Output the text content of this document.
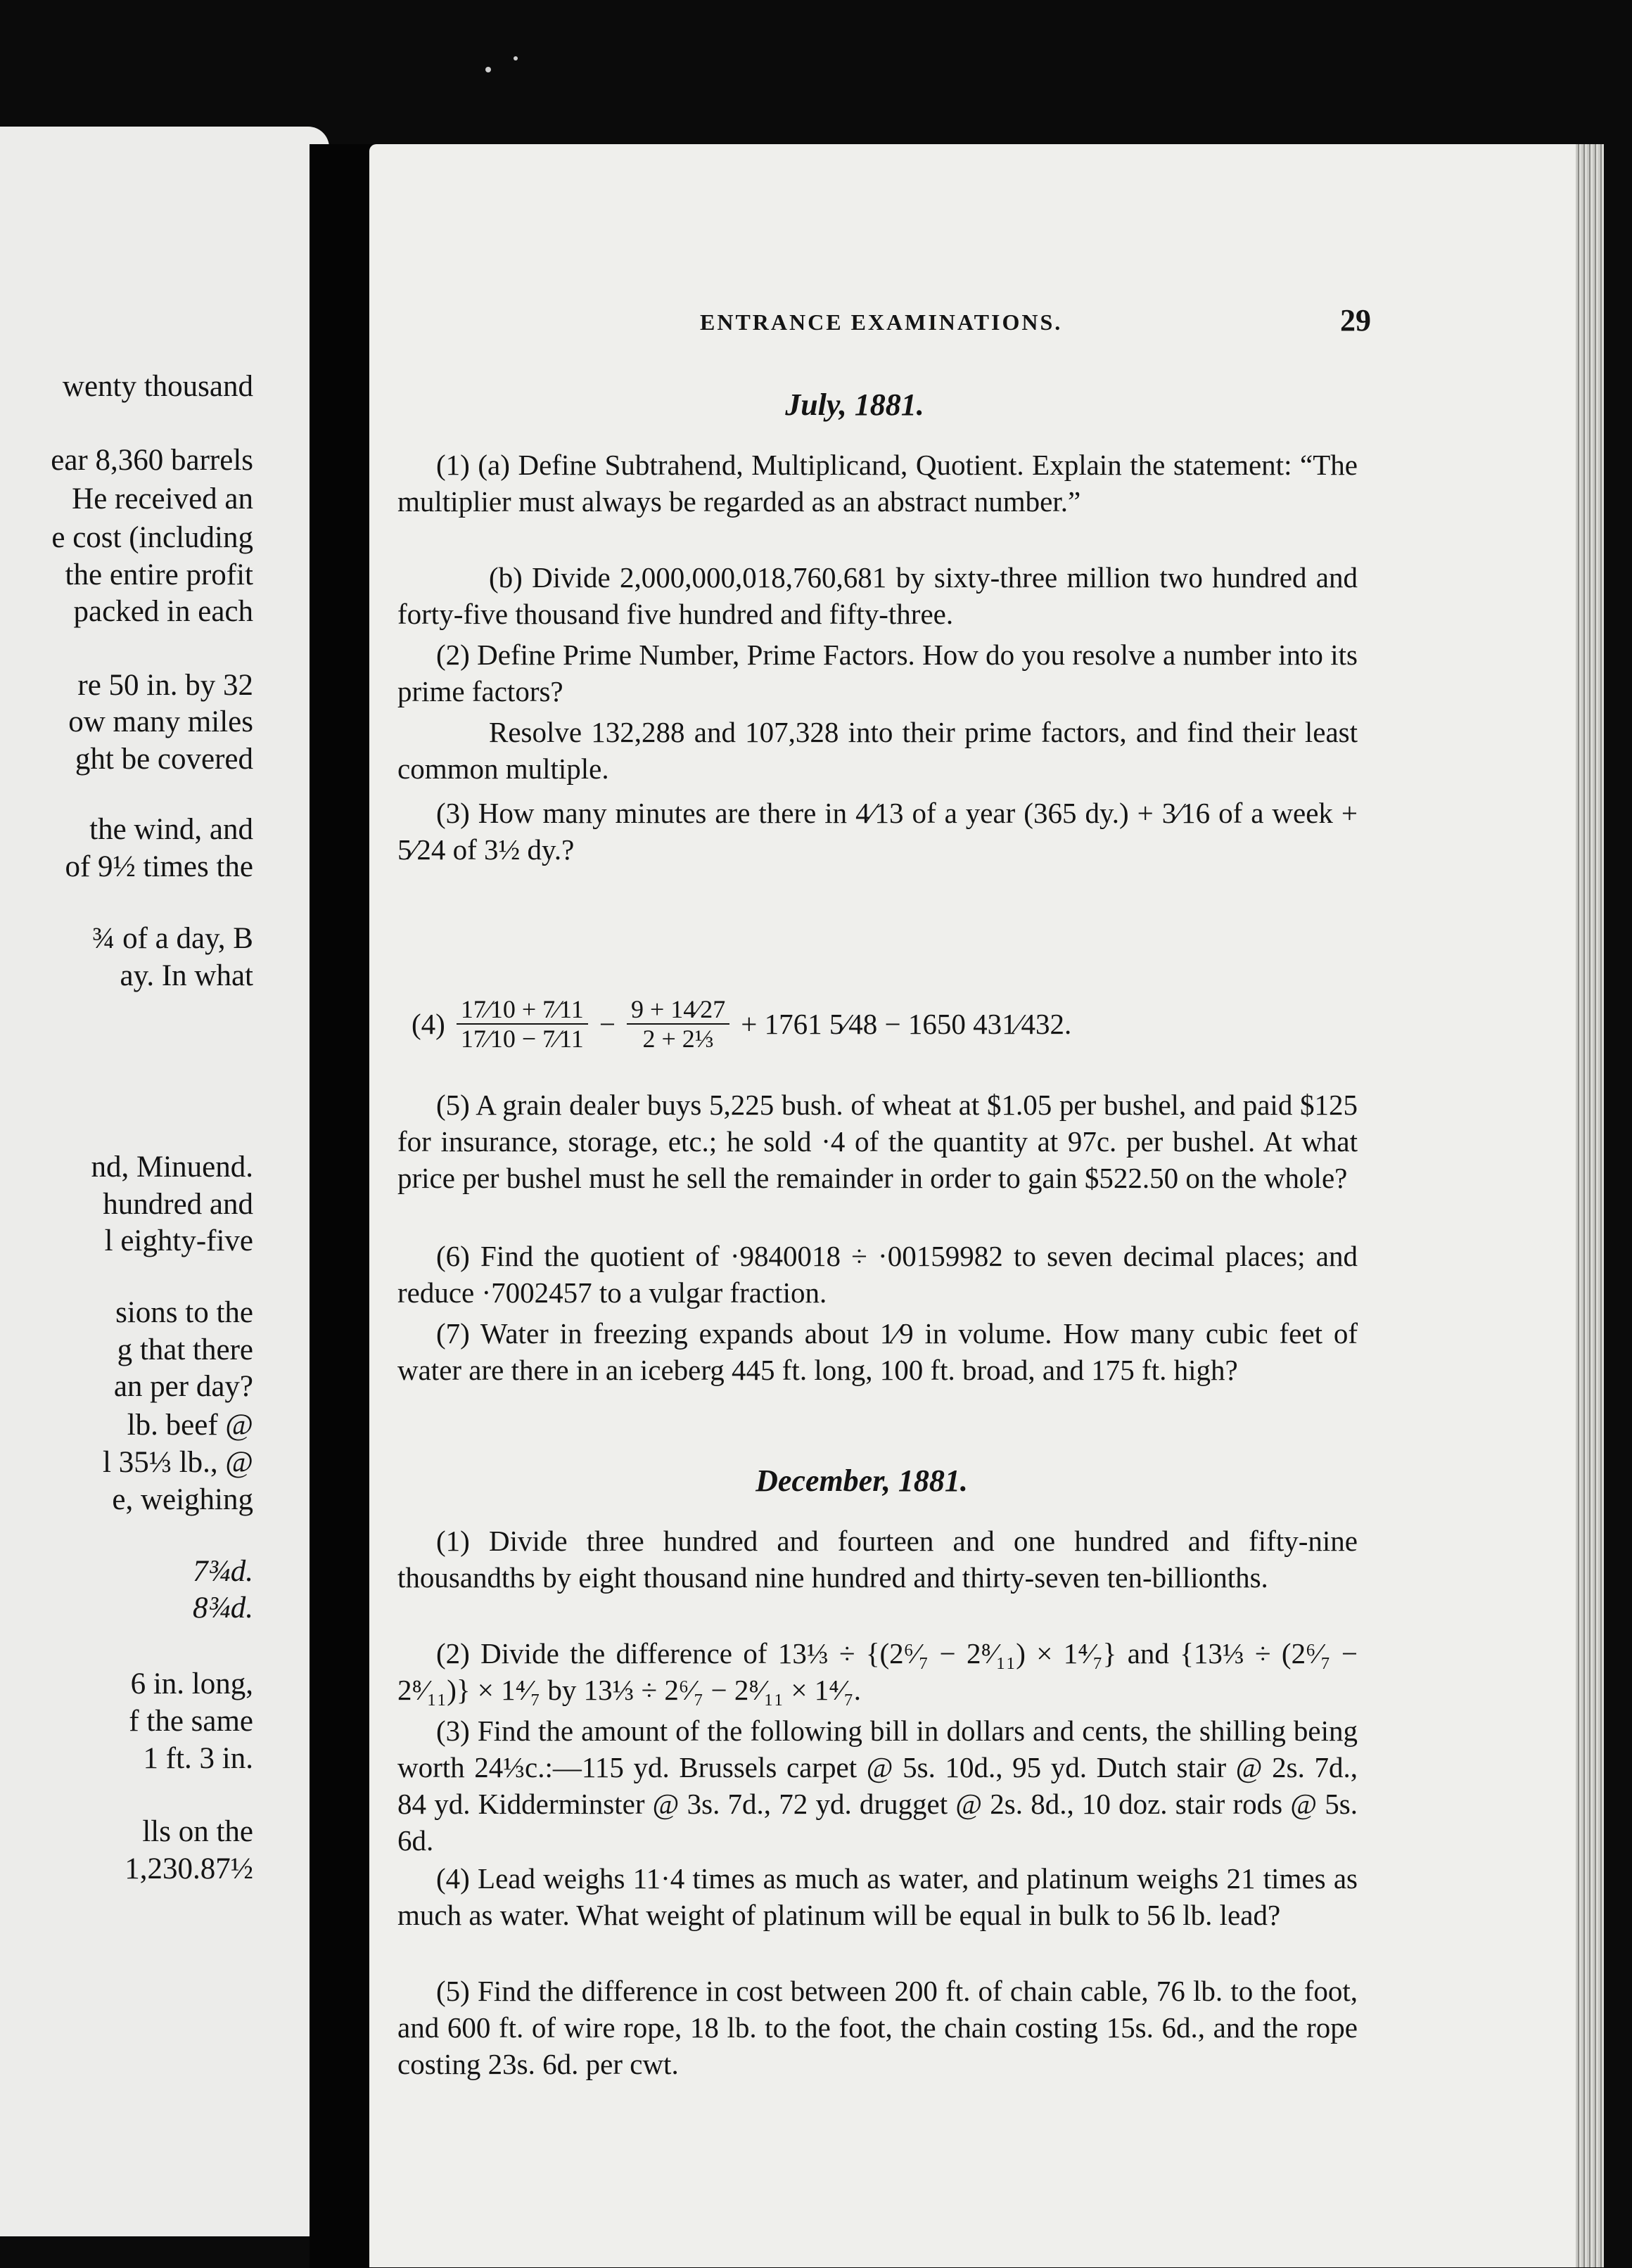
wenty thousand
ear 8,360 barrels
He received an
e cost (including
the entire profit
packed in each
re 50 in. by 32
ow many miles
ght be covered
the wind, and
of 9½ times the
¾ of a day, B
ay. In what
nd, Minuend.
hundred and
l eighty-five
sions to the
g that there
an per day?
lb. beef @
l 35⅓ lb., @
e, weighing
7¾d.
8¾d.
6 in. long,
f the same
1 ft. 3 in.
lls on the
1,230.87½
ENTRANCE EXAMINATIONS.	29
July, 1881.
(1) (a) Define Subtrahend, Multiplicand, Quotient. Explain the statement: “The multiplier must always be regarded as an abstract number.”
(b) Divide 2,000,000,018,760,681 by sixty-three million two hundred and forty-five thousand five hundred and fifty-three.
(2) Define Prime Number, Prime Factors. How do you resolve a number into its prime factors?
Resolve 132,288 and 107,328 into their prime factors, and find their least common multiple.
(3) How many minutes are there in 4⁄13 of a year (365 dy.) + 3⁄16 of a week + 5⁄24 of 3½ dy.?
$(4) \frac{17⁄10 + 7⁄11}{17⁄10 - 7⁄11} - \frac{9 + 14⁄27}{\text{2 + 2⅓}} + 1761$ 5⁄48 − 1650 431⁄432.
(5) A grain dealer buys 5,225 bush. of wheat at $1.05 per bushel, and paid $125 for insurance, storage, etc.; he sold ·4 of the quantity at 97c. per bushel. At what price per bushel must he sell the remainder in order to gain $522.50 on the whole?
(6) Find the quotient of ·9840018 ÷ ·00159982 to seven decimal places; and reduce ·7002457 to a vulgar fraction.
(7) Water in freezing expands about 1⁄9 in volume. How many cubic feet of water are there in an iceberg 445 ft. long, 100 ft. broad, and 175 ft. high?
December, 1881.
(1) Divide three hundred and fourteen and one hundred and fifty-nine thousandths by eight thousand nine hundred and thirty-seven ten-billionths.
(2) Divide the difference of 13⅓ ÷ {(2⁶⁄₇ − 2⁸⁄₁₁) × 1⁴⁄₇} and {13⅓ ÷ (2⁶⁄₇ − 2⁸⁄₁₁)} × 1⁴⁄₇ by 13⅓ ÷ 2⁶⁄₇ − 2⁸⁄₁₁ × 1⁴⁄₇.
(3) Find the amount of the following bill in dollars and cents, the shilling being worth 24⅓c.:—115 yd. Brussels carpet @ 5s. 10d., 95 yd. Dutch stair @ 2s. 7d., 84 yd. Kidderminster @ 3s. 7d., 72 yd. drugget @ 2s. 8d., 10 doz. stair rods @ 5s. 6d.
(4) Lead weighs 11·4 times as much as water, and platinum weighs 21 times as much as water. What weight of platinum will be equal in bulk to 56 lb. lead?
(5) Find the difference in cost between 200 ft. of chain cable, 76 lb. to the foot, and 600 ft. of wire rope, 18 lb. to the foot, the chain costing 15s. 6d., and the rope costing 23s. 6d. per cwt.
